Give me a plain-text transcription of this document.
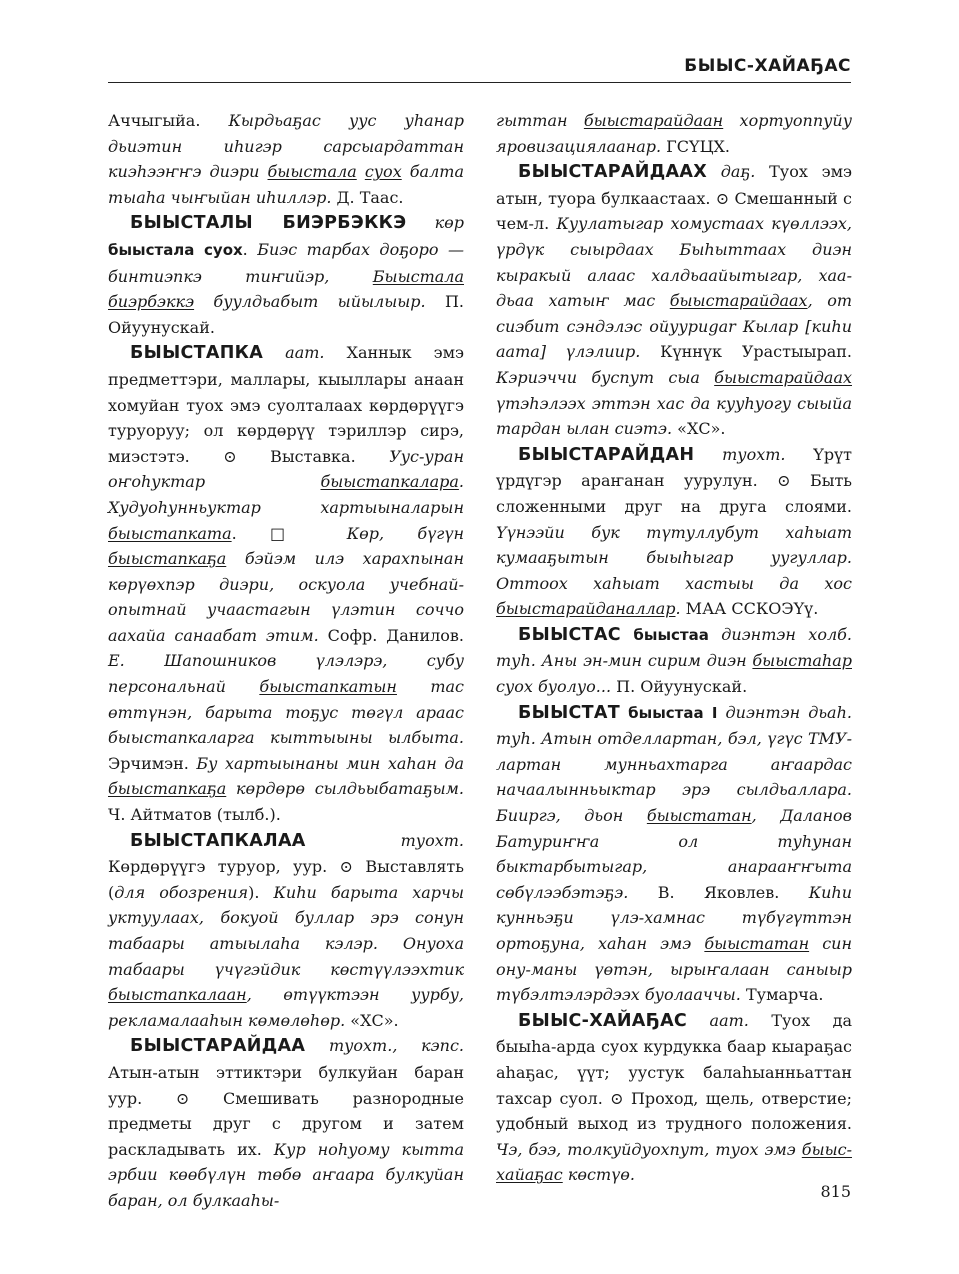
БЫЫС-ХАЙАҔАС

Аччыгыйа. Кырдьаҕас уус уһанар дьиэтин иһигэр сарсыардаттан киэһээҥҥэ диэри быыстала суох балта тыаһа чыҥыйан иһиллэр. Д. Таас.

БЫЫСТАЛЫ БИЭРБЭККЭ көр быыстала суох. Биэс тарбах доҕоро — бинтиэпкэ тиҥийэр, Быыстала биэрбэккэ буулдьабыт ыйылыыр. П. Ойуунускай.

БЫЫСТАПКА аат. Ханнык эмэ предметтэри, маллары, кыыллары анаан хомуйан туох эмэ суолталаах көрдөрүүгэ туруоруу; ол көрдөрүү тэриллэр сирэ, миэстэтэ. ⊙ Выставка. Уус-уран оҥоһуктар быыстапкалара. Худуоһунньуктар хартыыналарын быыстапката. □ Көр, бүгүн быыстапкаҕа бэйэм илэ харахпынан көрүөхпэр диэри, оскуола учебнай-опытнай учаастагын үлэтин соччо аахайа санаабат этим. Софр. Данилов. Е. Шапошников үлэлэрэ, субу персональнай быыстапкатын тас өттүнэн, барыта тоҕус төгүл араас быыстапкаларга кыттыыны ылбыта. Эрчимэн. Бу хартыынаны мин хаһан да быыстапкаҕа көрдөрө сылдьыбатаҕым. Ч. Айтматов (тылб.).

БЫЫСТАПКАЛАА туохт. Көрдөрүүгэ туруор, уур. ⊙ Выставлять (для обозрения). Киһи барыта харчы уктуулаах, бокуой буллар эрэ сонун табаары атыылаһа кэлэр. Онуоха табаары үчүгэйдик көстүүлээхтик быыстапкалаан, өтүүктээн уурбу, рекламалааһын көмөлөһөр. «ХС».

БЫЫСТАРАЙДАА туохт., кэпс. Атын-атын эттиктэри булкуйан баран уур. ⊙ Смешивать разнородные предметы друг с другом и затем раскладывать их. Кур ноһуому кытта эрбии көөбүлүн төбө аҥаара булкуйан баран, ол булкааһы-

гыттан быыстарайдаан хортуоппуйу яровизациялаанар. ГСҮЦХ.

БЫЫСТАРАЙДААХ даҕ. Туох эмэ атын, туора булкаастаах. ⊙ Смешанный с чем-л. Куулатыгар хомустаах күөллээх, үрдүк сыырдаах Быһыттаах диэн кыракый алаас халдьаайытыгар, хаа-дьаа хатыҥ мас быыстарайдаах, от сиэбит сэндэлэс ойуурugar Кылар [киһи аата] үлэлиир. Күннүк Урастыырап. Кэриэччи буспут сыа быыстарайдаах үтэһэлээх эттэн хас да кууһуогу сыыйа тардан ылан сиэтэ. «ХС».

БЫЫСТАРАЙДАН туохт. Үрүт үрдүгэр араҥанан уурулун. ⊙ Быть сложенными друг на друга слоями. Үүнээйи бук түтуллубут хаһыат кумааҕытын быыһыгар уугуллар. Оттоох хаһыат хастыы да хос быыстарайданаллар. МАА ССКОЭҮү.

БЫЫСТАС быыстаа диэнтэн холб. туһ. Аны эн-мин сирим диэн быыстаһар суох буолуо... П. Ойуунускай.

БЫЫСТАТ быыстаа I диэнтэн дьаһ. туһ. Атын отделлартан, бэл, үгүс ТМУ-лартан мунньахтарга аҥаардас начаалынньыктар эрэ сылдьаллара. Бииргэ, дьон быыстатан, Даланов Батуриҥҥа ол туһунан быктарбытыгар, анарааҥҥыта сөбүлээбэтэҕэ. В. Яковлев. Киһи кунньэҕи үлэ-хамнас түбүгүттэн ортоҕуна, хаһан эмэ быыстатан син ону-маны үөтэн, ырыҥалаан саныыр түбэлтэлэрдээх буолааччы. Тумарча.

БЫЫС-ХАЙАҔАС аат. Туох да быыһа-арда суох курдукка баар кыараҕас аһаҕас, үүт; уустук балаһыанньаттан тахсар суол. ⊙ Проход, щель, отверстие; удобный выход из трудного положения. Чэ, бээ, толкуйдуохпут, туох эмэ быыс-хайаҕас көстүө.

815
